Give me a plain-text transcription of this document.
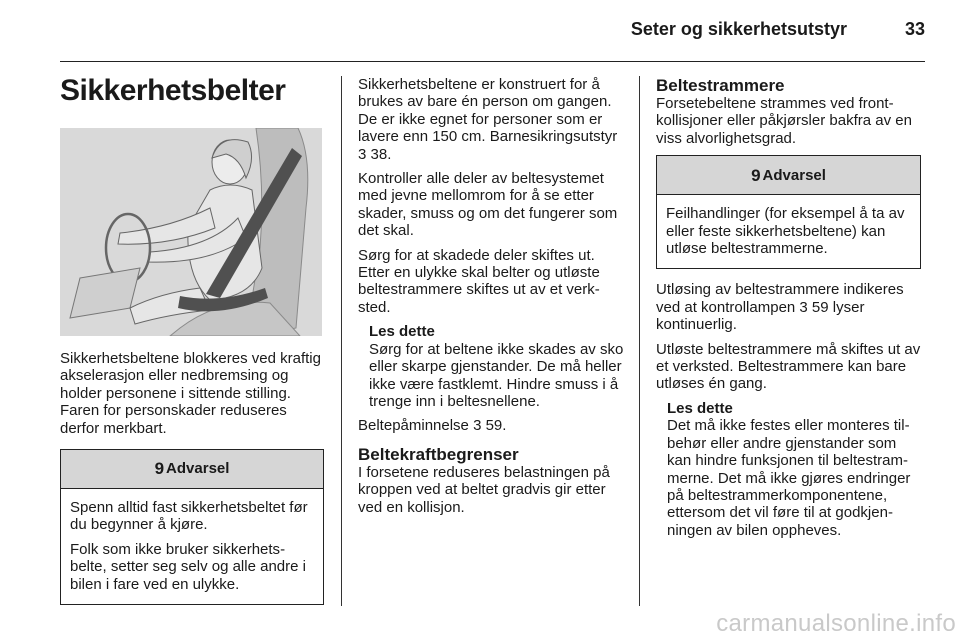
Seter og sikkerhetsutstyr	33
Sikkerhetsbelter

Sikkerhetsbeltene blokkeres ved kraftig akselerasjon eller nedbremsing og holder personene i sittende stilling. Faren for personskader reduseres derfor merkbart.

9 Advarsel

Spenn alltid fast sikkerhetsbeltet før du begynner å kjøre.

Folk som ikke bruker sikkerhetsbelte, setter seg selv og alle andre i bilen i fare ved en ulykke.

Sikkerhetsbeltene er konstruert for å brukes av bare én person om gangen. De er ikke egnet for personer som er lavere enn 150 cm. Barnesikringsutstyr 3 38.

Kontroller alle deler av beltesystemet med jevne mellomrom for å se etter skader, smuss og om det fungerer som det skal.

Sørg for at skadede deler skiftes ut. Etter en ulykke skal belter og utløste beltestrammere skiftes ut av et verksted.

Les dette
Sørg for at beltene ikke skades av sko eller skarpe gjenstander. De må heller ikke være fastklemt. Hindre smuss i å trenge inn i beltesnellene.

Beltepåminnelse 3 59.

Beltekraftbegrenser

I forsetene reduseres belastningen på kroppen ved at beltet gradvis gir etter ved en kollisjon.

Beltestrammere

Forsetebeltene strammes ved frontkollisjoner eller påkjørsler bakfra av en viss alvorlighetsgrad.

9 Advarsel

Feilhandlinger (for eksempel å ta av eller feste sikkerhetsbeltene) kan utløse beltestrammerne.

Utløsing av beltestrammere indikeres ved at kontrollampen 3 59 lyser kontinuerlig.

Utløste beltestrammere må skiftes ut av et verksted. Beltestrammere kan bare utløses én gang.

Les dette
Det må ikke festes eller monteres tilbehør eller andre gjenstander som kan hindre funksjonen til beltestrammerne. Det må ikke gjøres endringer på beltestrammerkomponentene, ettersom det vil føre til at godkjenningen av bilen oppheves.
carmanualsonline.info
